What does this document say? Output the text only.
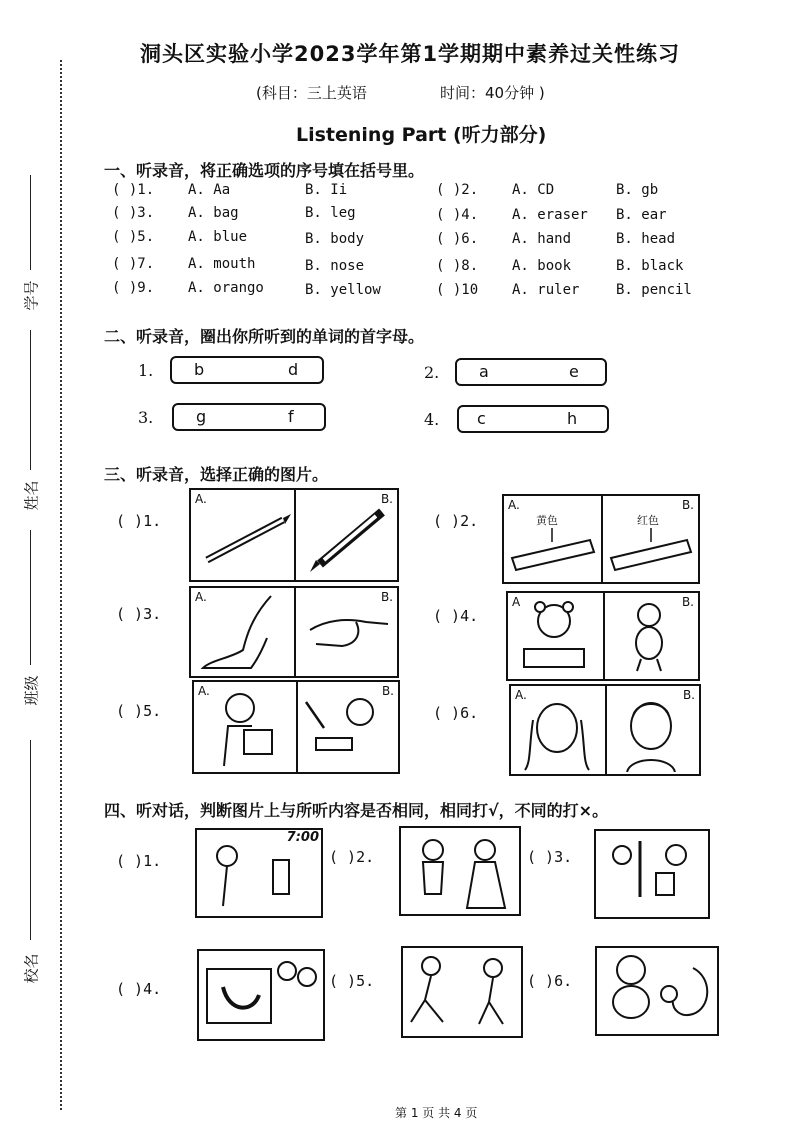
学号
姓名
班级
校名
洞头区实验小学2023学年第1学期期中素养过关性练习
(科目：三上英语	时间：40分钟 )
Listening Part (听力部分)
一、听录音，将正确选项的序号填在括号里。
( )1. A. Aa	B. Ii	( )2. A. CD	B. gb
( )3. A. bag	B. leg	( )4. A. eraser B. ear
( )5. A. blue	B. body	( )6. A. hand	B. head
( )7. A. mouth	B. nose	( )8. A. book	B. black
( )9. A. orango	B. yellow	( )10 A. ruler	B. pencil
二、听录音，圈出你所听到的单词的首字母。
1.	b	d	2. a	e
3.	g	f	4. c	h
三、听录音，选择正确的图片。
( )1.
A.	B.
( )2.
A.
黄色
B.
红色
( )3.
A.	B.
( )4.
A	B.
( )5.
A.	B.
( )6.
A.	B.
四、听对话，判断图片上与所听内容是否相同，相同打√，不同的打×。
( )1.
7:00
( )2.	( )3.
( )4.	( )5.	( )6.
第 1 页 共 4 页
